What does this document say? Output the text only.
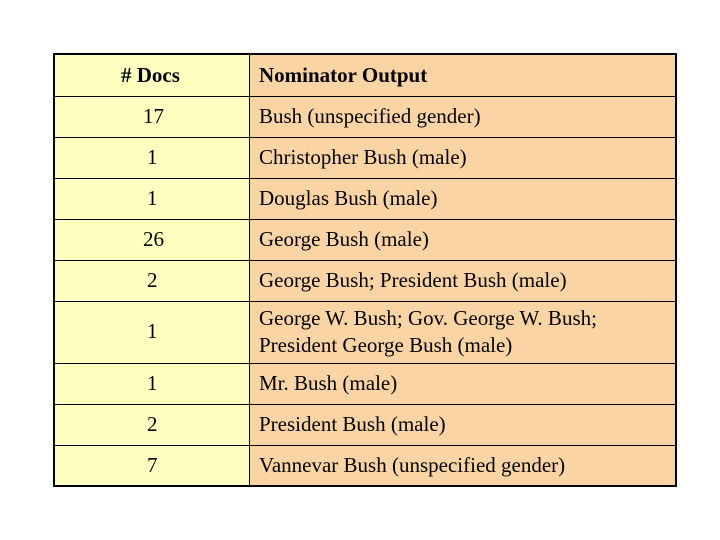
# Docs	Nominator Output
17	Bush (unspecified gender)
1	Christopher Bush (male)
1	Douglas Bush (male)
26	George Bush (male)
2	George Bush; President Bush (male)
1	George W. Bush; Gov. George W. Bush; President George Bush (male)
1	Mr. Bush (male)
2	President Bush (male)
7	Vannevar Bush (unspecified gender)
